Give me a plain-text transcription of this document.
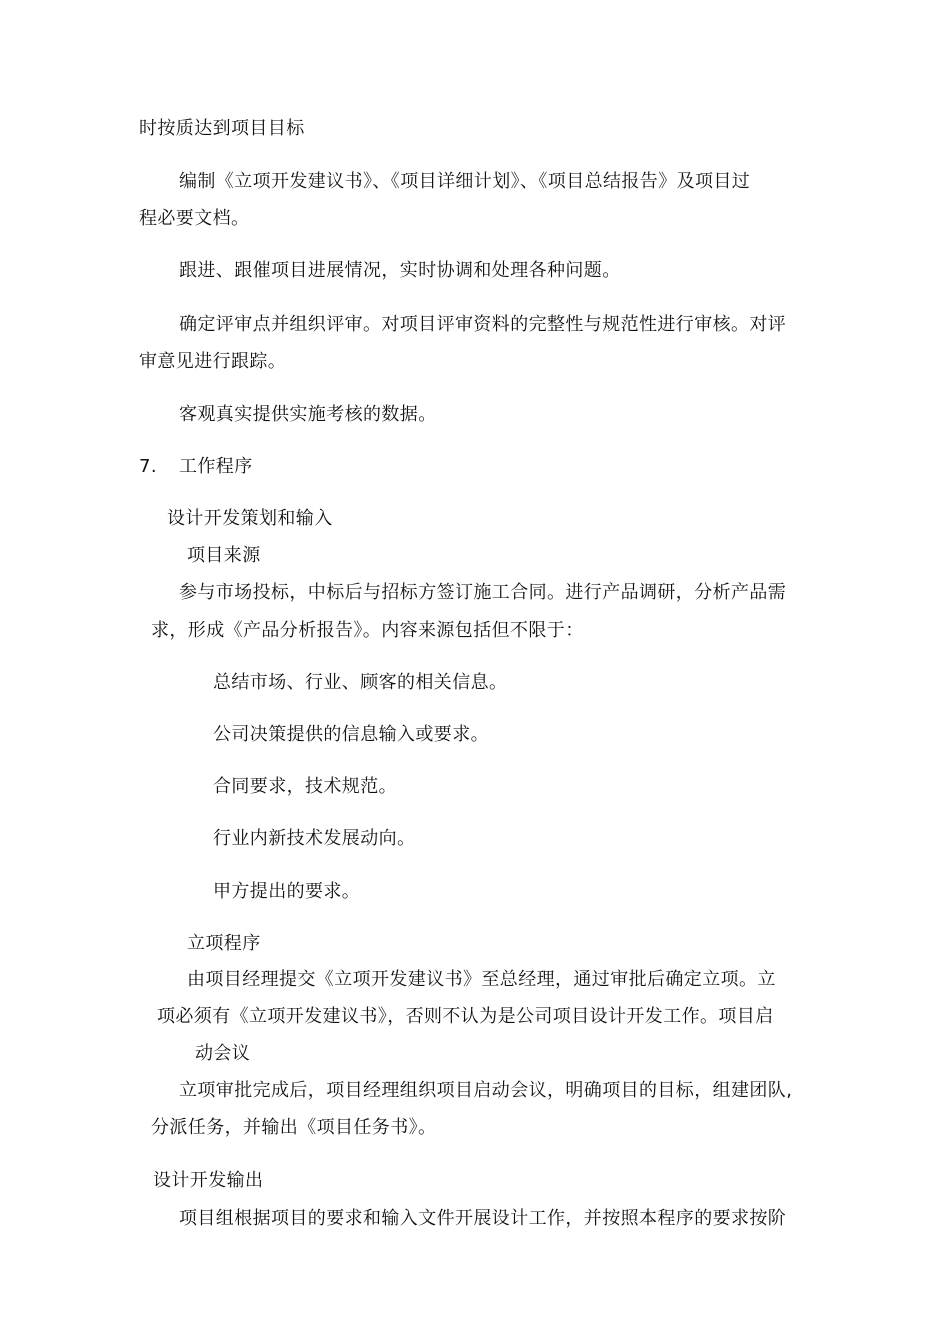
时按质达到项目目标

编制《立项开发建议书》、《项目详细计划》、《项目总结报告》及项目过

程必要文档。

跟进、跟催项目进展情况，实时协调和处理各种问题。

确定评审点并组织评审。对项目评审资料的完整性与规范性进行审核。对评

审意见进行跟踪。

客观真实提供实施考核的数据。

7. 工作程序

设计开发策划和输入

项目来源

参与市场投标，中标后与招标方签订施工合同。进行产品调研，分析产品需

求，形成《产品分析报告》。内容来源包括但不限于：

总结市场、行业、顾客的相关信息。

公司决策提供的信息输入或要求。

合同要求，技术规范。

行业内新技术发展动向。

甲方提出的要求。

立项程序

由项目经理提交《立项开发建议书》至总经理，通过审批后确定立项。立

项必须有《立项开发建议书》，否则不认为是公司项目设计开发工作。项目启

动会议

立项审批完成后，项目经理组织项目启动会议，明确项目的目标，组建团队,

分派任务，并输出《项目任务书》。

设计开发输出

项目组根据项目的要求和输入文件开展设计工作，并按照本程序的要求按阶
